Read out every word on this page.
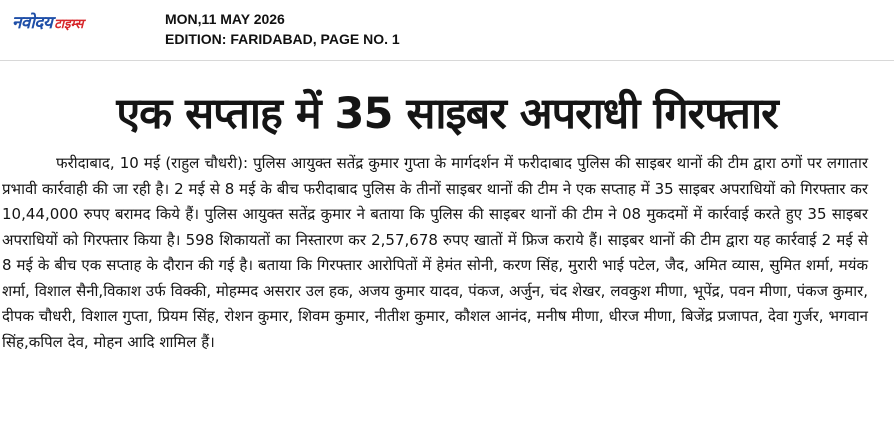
नवोदय टाइम्स	MON,11 MAY 2026
EDITION: FARIDABAD, PAGE NO. 1
एक सप्ताह में 35 साइबर अपराधी गिरफ्तार

फरीदाबाद, 10 मई (राहुल चौधरी): पुलिस आयुक्त सतेंद्र कुमार गुप्ता के मार्गदर्शन में फरीदाबाद पुलिस की साइबर थानों की टीम द्वारा ठगों पर लगातार प्रभावी कार्रवाही की जा रही है। 2 मई से 8 मई के बीच फरीदाबाद पुलिस के तीनों साइबर थानों की टीम ने एक सप्ताह में 35 साइबर अपराधियों को गिरफ्तार कर 10,44,000 रुपए बरामद किये हैं। पुलिस आयुक्त सतेंद्र कुमार ने बताया कि पुलिस की साइबर थानों की टीम ने 08 मुकदमों में कार्रवाई करते हुए 35 साइबर अपराधियों को गिरफ्तार किया है। 598 शिकायतों का निस्तारण कर 2,57,678 रुपए खातों में फ्रिज कराये हैं। साइबर थानों की टीम द्वारा यह कार्रवाई 2 मई से 8 मई के बीच एक सप्ताह के दौरान की गई है। बताया कि गिरफ्तार आरोपितों में हेमंत सोनी, करण सिंह, मुरारी भाई पटेल, जैद, अमित व्यास, सुमित शर्मा, मयंक शर्मा, विशाल सैनी,विकाश उर्फ विक्की, मोहम्मद असरार उल हक, अजय कुमार यादव, पंकज, अर्जुन, चंद शेखर, लवकुश मीणा, भूपेंद्र, पवन मीणा, पंकज कुमार, दीपक चौधरी, विशाल गुप्ता, प्रियम सिंह, रोशन कुमार, शिवम कुमार, नीतीश कुमार, कौशल आनंद, मनीष मीणा, धीरज मीणा, बिजेंद्र प्रजापत, देवा गुर्जर, भगवान सिंह,कपिल देव, मोहन आदि शामिल हैं।
